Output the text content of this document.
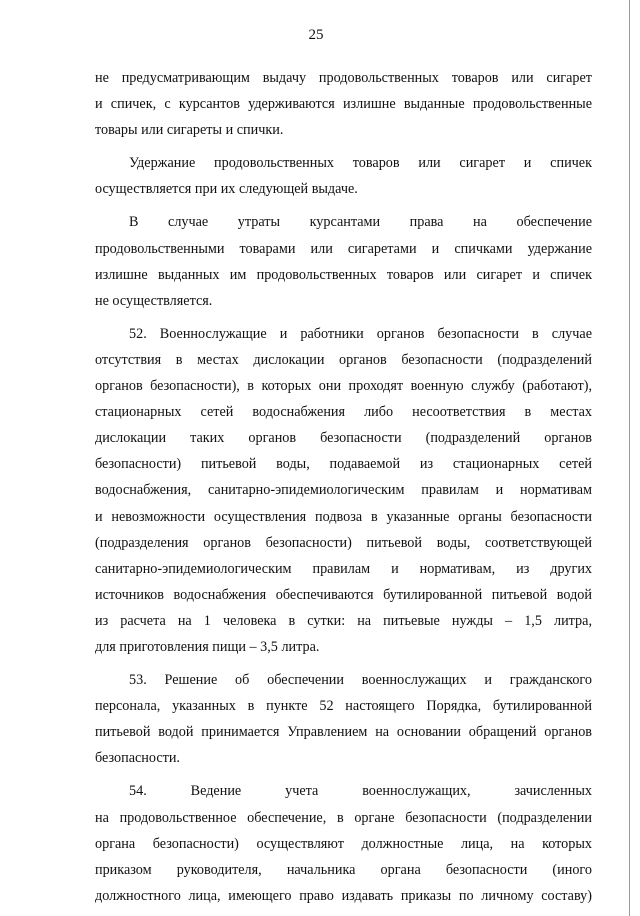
25
не предусматривающим выдачу продовольственных товаров или сигарет
и спичек, с курсантов удерживаются излишне выданные продовольственные
товары или сигареты и спички.
Удержание продовольственных товаров или сигарет и спичек
осуществляется при их следующей выдаче.
В случае утраты курсантами права на обеспечение
продовольственными товарами или сигаретами и спичками удержание
излишне выданных им продовольственных товаров или сигарет и спичек
не осуществляется.
52. Военнослужащие и работники органов безопасности в случае
отсутствия в местах дислокации органов безопасности (подразделений
органов безопасности), в которых они проходят военную службу (работают),
стационарных сетей водоснабжения либо несоответствия в местах
дислокации таких органов безопасности (подразделений органов
безопасности) питьевой воды, подаваемой из стационарных сетей
водоснабжения, санитарно-эпидемиологическим правилам и нормативам
и невозможности осуществления подвоза в указанные органы безопасности
(подразделения органов безопасности) питьевой воды, соответствующей
санитарно-эпидемиологическим правилам и нормативам, из других
источников водоснабжения обеспечиваются бутилированной питьевой водой
из расчета на 1 человека в сутки: на питьевые нужды – 1,5 литра,
для приготовления пищи – 3,5 литра.
53. Решение об обеспечении военнослужащих и гражданского
персонала, указанных в пункте 52 настоящего Порядка, бутилированной
питьевой водой принимается Управлением на основании обращений органов
безопасности.
54. Ведение учета военнослужащих, зачисленных
на продовольственное обеспечение, в органе безопасности (подразделении
органа безопасности) осуществляют должностные лица, на которых
приказом руководителя, начальника органа безопасности (иного
должностного лица, имеющего право издавать приказы по личному составу)
